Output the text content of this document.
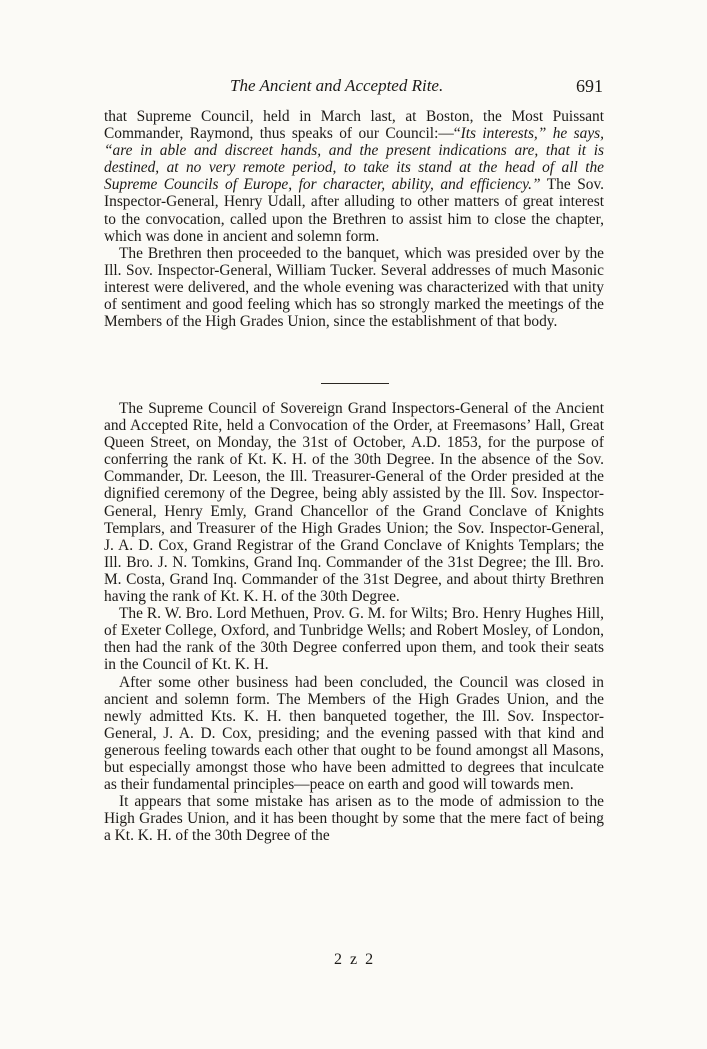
The Ancient and Accepted Rite.	691

that Supreme Council, held in March last, at Boston, the Most Puissant Commander, Raymond, thus speaks of our Council:—“Its interests,” he says, “are in able and discreet hands, and the present indications are, that it is destined, at no very remote period, to take its stand at the head of all the Supreme Councils of Europe, for character, ability, and efficiency.” The Sov. Inspector-General, Henry Udall, after alluding to other matters of great interest to the convocation, called upon the Brethren to assist him to close the chapter, which was done in ancient and solemn form.

The Brethren then proceeded to the banquet, which was presided over by the Ill. Sov. Inspector-General, William Tucker. Several addresses of much Masonic interest were delivered, and the whole evening was characterized with that unity of sentiment and good feeling which has so strongly marked the meetings of the Members of the High Grades Union, since the establishment of that body.

The Supreme Council of Sovereign Grand Inspectors-General of the Ancient and Accepted Rite, held a Convocation of the Order, at Freemasons’ Hall, Great Queen Street, on Monday, the 31st of October, A.D. 1853, for the purpose of conferring the rank of Kt. K. H. of the 30th Degree. In the absence of the Sov. Commander, Dr. Leeson, the Ill. Treasurer-General of the Order presided at the dignified ceremony of the Degree, being ably assisted by the Ill. Sov. Inspector-General, Henry Emly, Grand Chancellor of the Grand Conclave of Knights Templars, and Treasurer of the High Grades Union; the Sov. Inspector-General, J. A. D. Cox, Grand Registrar of the Grand Conclave of Knights Templars; the Ill. Bro. J. N. Tomkins, Grand Inq. Commander of the 31st Degree; the Ill. Bro. M. Costa, Grand Inq. Commander of the 31st Degree, and about thirty Brethren having the rank of Kt. K. H. of the 30th Degree.

The R. W. Bro. Lord Methuen, Prov. G. M. for Wilts; Bro. Henry Hughes Hill, of Exeter College, Oxford, and Tunbridge Wells; and Robert Mosley, of London, then had the rank of the 30th Degree conferred upon them, and took their seats in the Council of Kt. K. H.

After some other business had been concluded, the Council was closed in ancient and solemn form. The Members of the High Grades Union, and the newly admitted Kts. K. H. then banqueted together, the Ill. Sov. Inspector-General, J. A. D. Cox, presiding; and the evening passed with that kind and generous feeling towards each other that ought to be found amongst all Masons, but especially amongst those who have been admitted to degrees that inculcate as their fundamental principles—peace on earth and good will towards men.

It appears that some mistake has arisen as to the mode of admission to the High Grades Union, and it has been thought by some that the mere fact of being a Kt. K. H. of the 30th Degree of the

2 z 2
